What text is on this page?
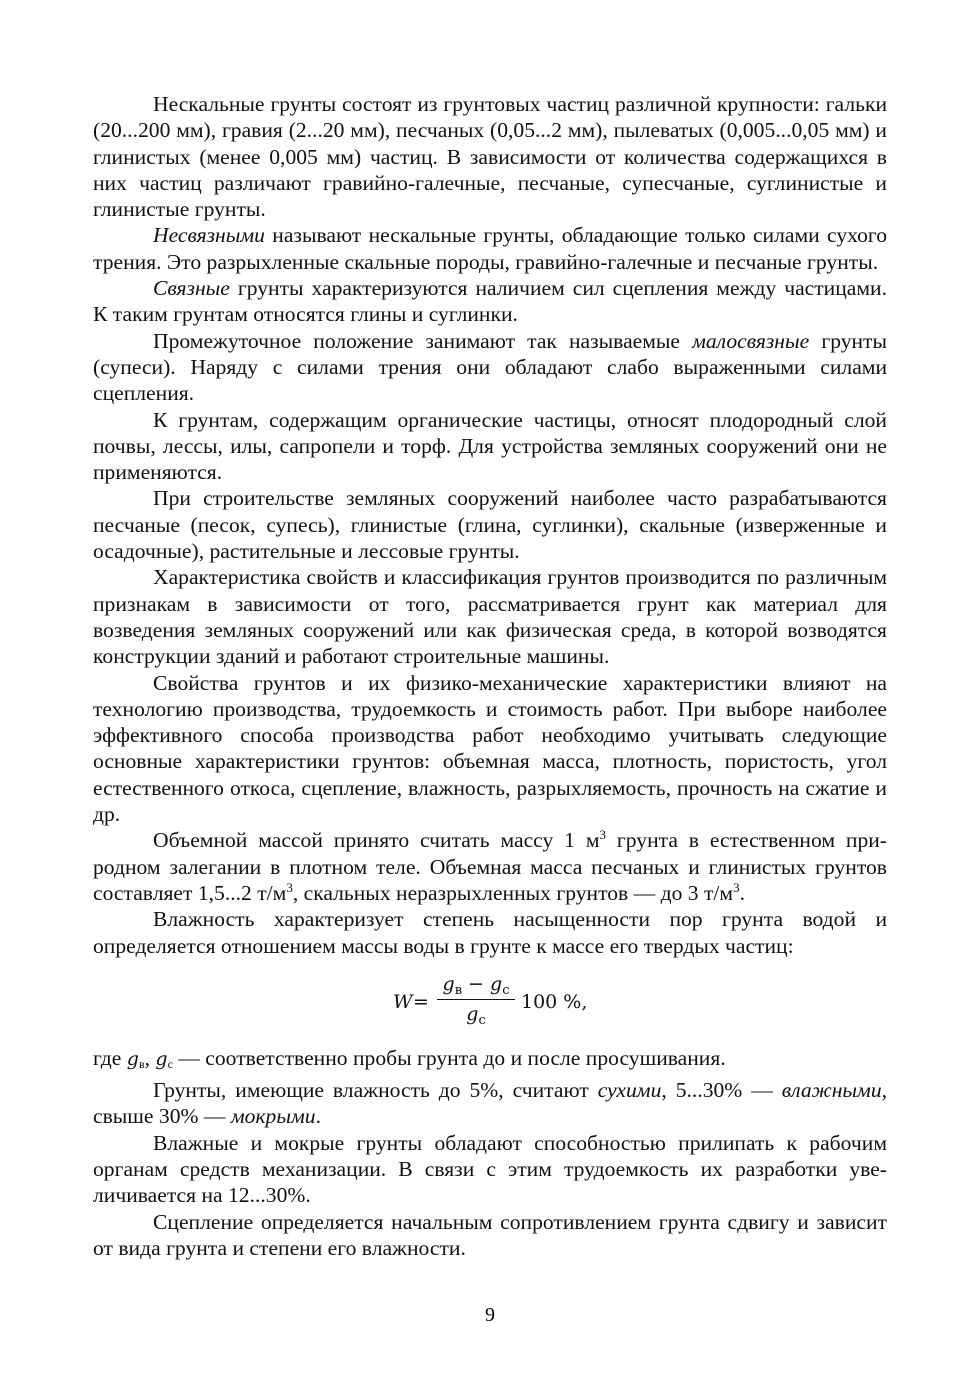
Нескальные грунты состоят из грунтовых частиц различной крупности: гальки (20...200 мм), гравия (2...20 мм), песчаных (0,05...2 мм), пылеватых (0,005...0,05 мм) и глинистых (менее 0,005 мм) частиц. В зависимости от количества содержащихся в них частиц различают гравийно-галечные, песчаные, супесчаные, суглинистые и глинистые грунты.

Несвязными называют нескальные грунты, обладающие только силами сухого трения. Это разрыхленные скальные породы, гравийно-галечные и песчаные грунты.

Связные грунты характеризуются наличием сил сцепления между частицами. К таким грунтам относятся глины и суглинки.

Промежуточное положение занимают так называемые малосвязные грунты (супеси). Наряду с силами трения они обладают слабо выраженными силами сцепления.

К грунтам, содержащим органические частицы, относят плодородный слой почвы, лессы, илы, сапропели и торф. Для устройства земляных сооружений они не применяются.

При строительстве земляных сооружений наиболее часто разрабатываются песчаные (песок, супесь), глинистые (глина, суглинки), скальные (изверженные и осадочные), растительные и лессовые грунты.

Характеристика свойств и классификация грунтов производится по различным признакам в зависимости от того, рассматривается грунт как материал для возведения земляных сооружений или как физическая среда, в которой возводятся конструкции зданий и работают строительные машины.

Свойства грунтов и их физико-механические характеристики влияют на технологию производства, трудоемкость и стоимость работ. При выборе наиболее эффективного способа производства работ необходимо учитывать следующие основные характеристики грунтов: объемная масса, плотность, пористость, угол естественного откоса, сцепление, влажность, разрыхляемость, прочность на сжатие и др.

Объемной массой принято считать массу 1 $м^3$ грунта в естественном природном залегании в плотном теле. Объемная масса песчаных и глинистых грунтов составляет 1,5...2 $т/м^3$, скальных неразрыхленных грунтов — до 3 $т/м^3$.

Влажность характеризует степень насыщенности пор грунта водой и определяется отношением массы воды в грунте к массе его твердых частиц:

W =
$g_в - g_с$
$g_с$
100 %,

где gв, gс — соответственно пробы грунта до и после просушивания.

Грунты, имеющие влажность до 5%, считают сухими, 5...30% — влажными, свыше 30% — мокрыми.

Влажные и мокрые грунты обладают способностью прилипать к рабочим органам средств механизации. В связи с этим трудоемкость их разработки увеличивается на 12...30%.

Сцепление определяется начальным сопротивлением грунта сдвигу и зависит от вида грунта и степени его влажности.

9
